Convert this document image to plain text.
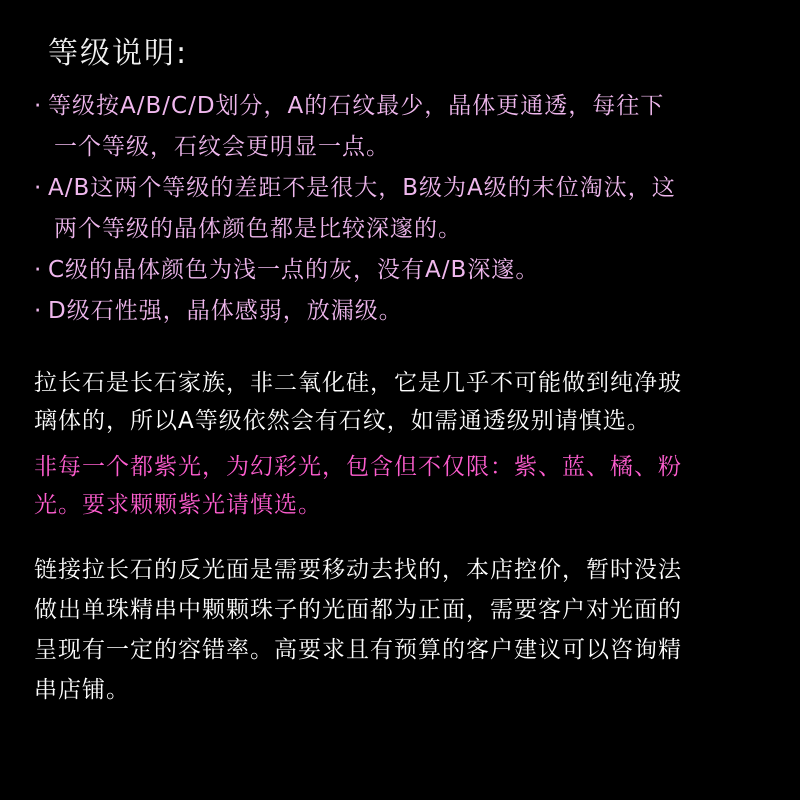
等级说明:
· 等级按A/B/C/D划分，A的石纹最少，晶体更通透，每往下
一个等级，石纹会更明显一点。
· A/B这两个等级的差距不是很大，B级为A级的末位淘汰，这
两个等级的晶体颜色都是比较深邃的。
· C级的晶体颜色为浅一点的灰，没有A/B深邃。
· D级石性强，晶体感弱，放漏级。

拉长石是长石家族，非二氧化硅，它是几乎不可能做到纯净玻
璃体的，所以A等级依然会有石纹，如需通透级别请慎选。

非每一个都紫光，为幻彩光，包含但不仅限：紫、蓝、橘、粉
光。要求颗颗紫光请慎选。

链接拉长石的反光面是需要移动去找的，本店控价，暂时没法
做出单珠精串中颗颗珠子的光面都为正面，需要客户对光面的
呈现有一定的容错率。高要求且有预算的客户建议可以咨询精
串店铺。
